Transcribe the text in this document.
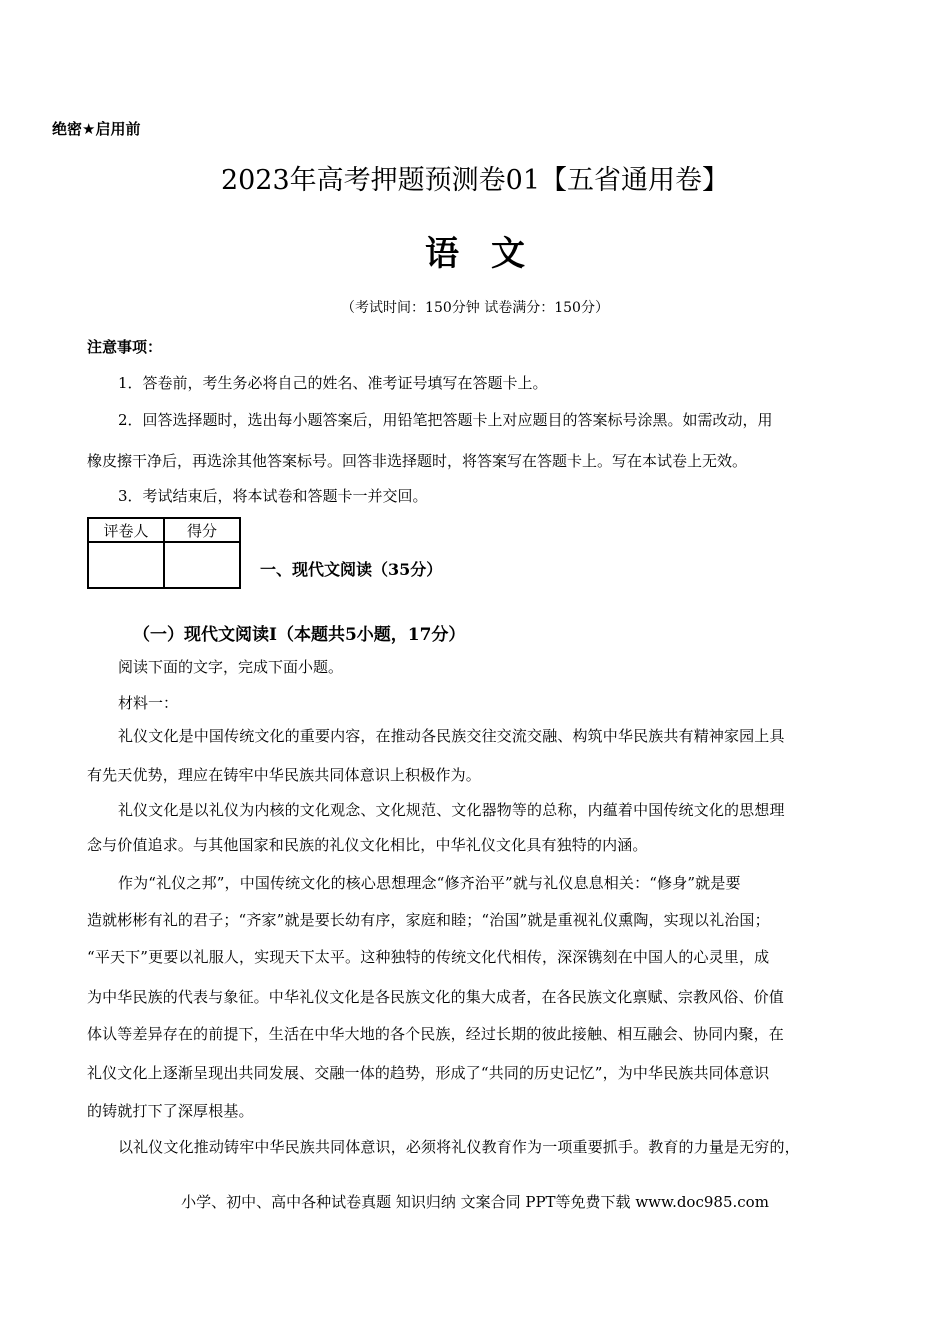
绝密★启用前

2023年高考押题预测卷01【五省通用卷】
语文

（考试时间：150分钟 试卷满分：150分）

注意事项：

1．答卷前，考生务必将自己的姓名、准考证号填写在答题卡上。

2．回答选择题时，选出每小题答案后，用铅笔把答题卡上对应题目的答案标号涂黑。如需改动，用

橡皮擦干净后，再选涂其他答案标号。回答非选择题时，将答案写在答题卡上。写在本试卷上无效。

3．考试结束后，将本试卷和答题卡一并交回。

评卷人	得分

一、现代文阅读（35分）

（一）现代文阅读Ⅰ（本题共5小题，17分）

阅读下面的文字，完成下面小题。

材料一：

礼仪文化是中国传统文化的重要内容，在推动各民族交往交流交融、构筑中华民族共有精神家园上具

有先天优势，理应在铸牢中华民族共同体意识上积极作为。

礼仪文化是以礼仪为内核的文化观念、文化规范、文化器物等的总称，内蕴着中国传统文化的思想理

念与价值追求。与其他国家和民族的礼仪文化相比，中华礼仪文化具有独特的内涵。

作为“礼仪之邦”，中国传统文化的核心思想理念“修齐治平”就与礼仪息息相关：“修身”就是要

造就彬彬有礼的君子；“齐家”就是要长幼有序，家庭和睦；“治国”就是重视礼仪熏陶，实现以礼治国；

“平天下”更要以礼服人，实现天下太平。这种独特的传统文化代相传，深深镌刻在中国人的心灵里，成

为中华民族的代表与象征。中华礼仪文化是各民族文化的集大成者，在各民族文化禀赋、宗教风俗、价值

体认等差异存在的前提下，生活在中华大地的各个民族，经过长期的彼此接触、相互融会、协同内聚，在

礼仪文化上逐渐呈现出共同发展、交融一体的趋势，形成了“共同的历史记忆”，为中华民族共同体意识

的铸就打下了深厚根基。

以礼仪文化推动铸牢中华民族共同体意识，必须将礼仪教育作为一项重要抓手。教育的力量是无穷的，

小学、初中、高中各种试卷真题 知识归纳 文案合同 PPT等免费下载 www.doc985.com
